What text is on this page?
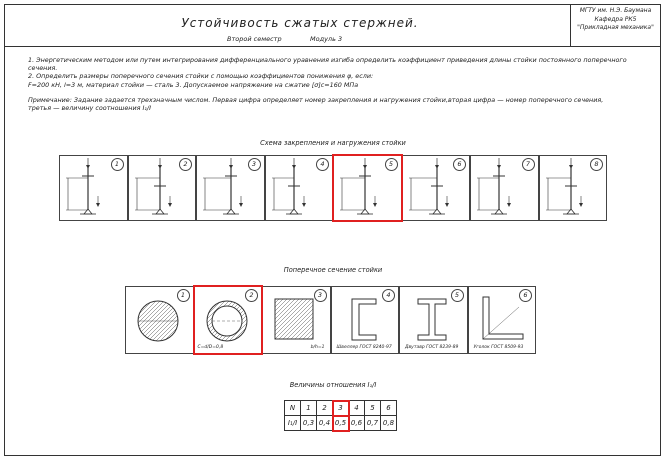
Устойчивость сжатых стержней.
Второй семестр	Модуль 3
МГТУ им. Н.Э. Баумана
Кафедра РК5
"Прикладная механика"
1. Энергетическим методом или путем интегрирования дифференциального уравнения изгиба определить коэффициент приведения длины стойки постоянного поперечного сечения.
2. Определить размеры поперечного сечения стойки с помощью коэффициентов понижения φ, если:
F=200 кН, l=3 м, материал стойки — сталь 3. Допускаемое напряжение на сжатие [σ]с=160 МПа
Примечание: Задание задается трехзначным числом. Первая цифра определяет номер закрепления и нагружения стойки,вторая цифра — номер поперечного сечения, третья — величину соотношения I₁/I
Схема закрепления и нагружения стойки
1	2	3	4	5	6	7	8
Поперечное сечение стойки
1	2
C=d/D=0,8
3
b/h=1
4
Швеллер ГОСТ 8240-97
5
Двутавр ГОСТ 8239-89
6
Уголок ГОСТ 8509-93
Величины отношения I₁/I
N	1	2	3	4	5	6
I₁/I	0,3	0,4	0,5	0,6	0,7	0,8
